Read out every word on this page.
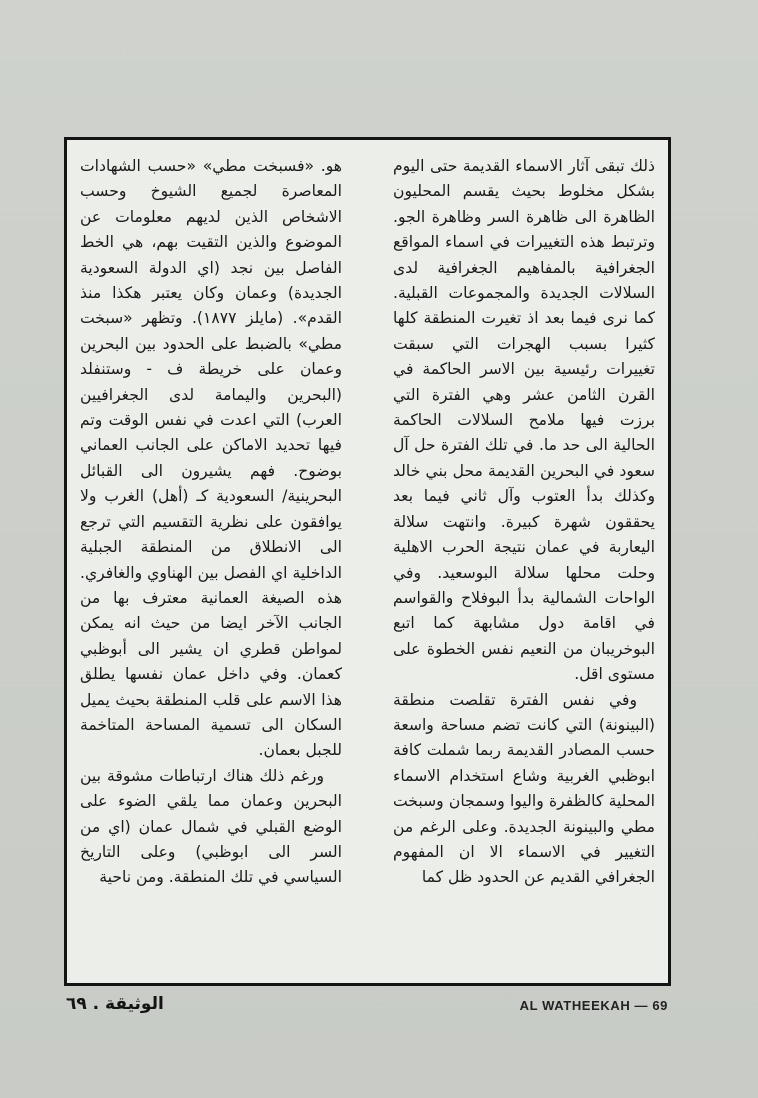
ذلك تبقى آثار الاسماء القديمة حتى اليوم بشكل مخلوط بحيث يقسم المحليون الظاهرة الى ظاهرة السر وظاهرة الجو. وترتبط هذه التغييرات في اسماء المواقع الجغرافية بالمفاهيم الجغرافية لدى السلالات الجديدة والمجموعات القبلية. كما نرى فيما بعد اذ تغيرت المنطقة كلها كثيرا بسبب الهجرات التي سبقت تغييرات رئيسية بين الاسر الحاكمة في القرن الثامن عشر وهي الفترة التي برزت فيها ملامح السلالات الحاكمة الحالية الى حد ما. في تلك الفترة حل آل سعود في البحرين القديمة محل بني خالد وكذلك بدأ العتوب وآل ثاني فيما بعد يحققون شهرة كبيرة. وانتهت سلالة اليعاربة في عمان نتيجة الحرب الاهلية وحلت محلها سلالة البوسعيد. وفي الواحات الشمالية بدأ البوفلاح والقواسم في اقامة دول مشابهة كما اتبع البوخريبان من النعيم نفس الخطوة على مستوى اقل.

وفي نفس الفترة تقلصت منطقة (البينونة) التي كانت تضم مساحة واسعة حسب المصادر القديمة ربما شملت كافة ابوظبي الغربية وشاع استخدام الاسماء المحلية كالظفرة واليوا وسمجان وسبخت مطي والبينونة الجديدة. وعلى الرغم من التغيير في الاسماء الا ان المفهوم الجغرافي القديم عن الحدود ظل كما

هو. «فسبخت مطي» «حسب الشهادات المعاصرة لجميع الشيوخ وحسب الاشخاص الذين لديهم معلومات عن الموضوع والذين التقيت بهم، هي الخط الفاصل بين نجد (اي الدولة السعودية الجديدة) وعمان وكان يعتبر هكذا منذ القدم». (مايلز ١٨٧٧). وتظهر «سبخت مطي» بالضبط على الحدود بين البحرين وعمان على خريطة ف - وستنفلد (البحرين واليمامة لدى الجغرافيين العرب) التي اعدت في نفس الوقت وتم فيها تحديد الاماكن على الجانب العماني بوضوح. فهم يشيرون الى القبائل البحرينية/ السعودية كـ (أهل) الغرب ولا يوافقون على نظرية التقسيم التي ترجع الى الانطلاق من المنطقة الجبلية الداخلية اي الفصل بين الهناوي والغافري. هذه الصيغة العمانية معترف بها من الجانب الآخر ايضا من حيث انه يمكن لمواطن قطري ان يشير الى أبوظبي كعمان. وفي داخل عمان نفسها يطلق هذا الاسم على قلب المنطقة بحيث يميل السكان الى تسمية المساحة المتاخمة للجبل بعمان.

ورغم ذلك هناك ارتباطات مشوقة بين البحرين وعمان مما يلقي الضوء على الوضع القبلي في شمال عمان (اي من السر الى ابوظبي) وعلى التاريخ السياسي في تلك المنطقة. ومن ناحية

الوثيقة . ٦٩	AL WATHEEKAH — 69
